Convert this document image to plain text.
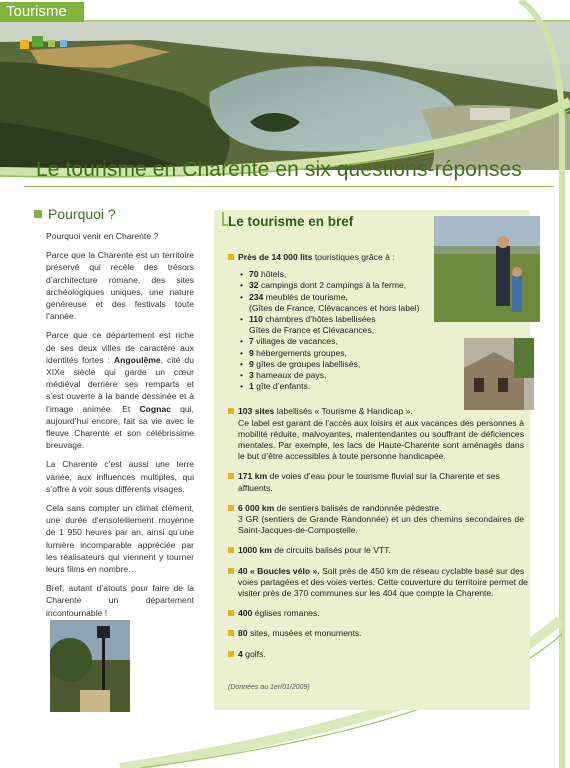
Tourisme
Le tourisme en Charente en six questions-réponses
Pourquoi ?

Pourquoi venir en Charente ?

Parce que la Charente est un territoire préservé qui recèle des trésors d’architecture romane, des sites archéologiques uniques, une nature généreuse et des festivals toute l’année.

Parce que ce département est riche de ses deux villes de caractère aux identités fortes : Angoulême, cité du XIXe siècle qui garde un cœur médiéval derrière ses remparts et s’est ouverte à la bande dessinée et à l’image animée. Et Cognac qui, aujourd’hui encore, fait sa vie avec le fleuve Charente et son célébrissime breuvage.

La Charente c’est aussi une terre variée, aux influences multiples, qui s’offre à voir sous différents visages.

Cela sans compter un climat clément, une durée d’ensoleillement moyenne de 1 950 heures par an, ainsi qu’une lumière incomparable appréciée par les réalisateurs qui viennent y tourner leurs films en nombre…

Bref, autant d’atouts pour faire de la Charente un département incontournable !

Le tourisme en bref
Près de 14 000 lits touristiques grâce à :
• 70 hôtels,
• 32 campings dont 2 campings à la ferme,
• 234 meublés de tourisme,
(Gîtes de France, Clévacances et hors label)
• 110 chambres d’hôtes labellisées
Gîtes de France et Clévacances,
• 7 villages de vacances,
• 9 hébergements groupes,
• 9 gîtes de groupes labellisés,
• 3 hameaux de pays,
• 1 gîte d’enfants.
103 sites labellisés « Tourisme & Handicap ».
Ce label est garant de l’accès aux loisirs et aux vacances des personnes à mobilité réduite, malvoyantes, malentendantes ou souffrant de déficiences mentales. Par exemple, les lacs de Haute-Charente sont aménagés dans le but d’être accessibles à toute personne handicapée.
171 km de voies d’eau pour le tourisme fluvial sur la Charente et ses affluents.
6 000 km de sentiers balisés de randonnée pédestre.
3 GR (sentiers de Grande Randonnée) et un des chemins secondaires de Saint-Jacques-de-Compostelle.
1000 km de circuits balisés pour le VTT.
40 « Boucles vélo ». Soit près de 450 km de réseau cyclable basé sur des voies partagées et des voies vertes. Cette couverture du territoire permet de visiter près de 370 communes sur les 404 que compte la Charente.
400 églises romanes.
80 sites, musées et monuments.
4 golfs.
(Données au 1er/01/2009)
